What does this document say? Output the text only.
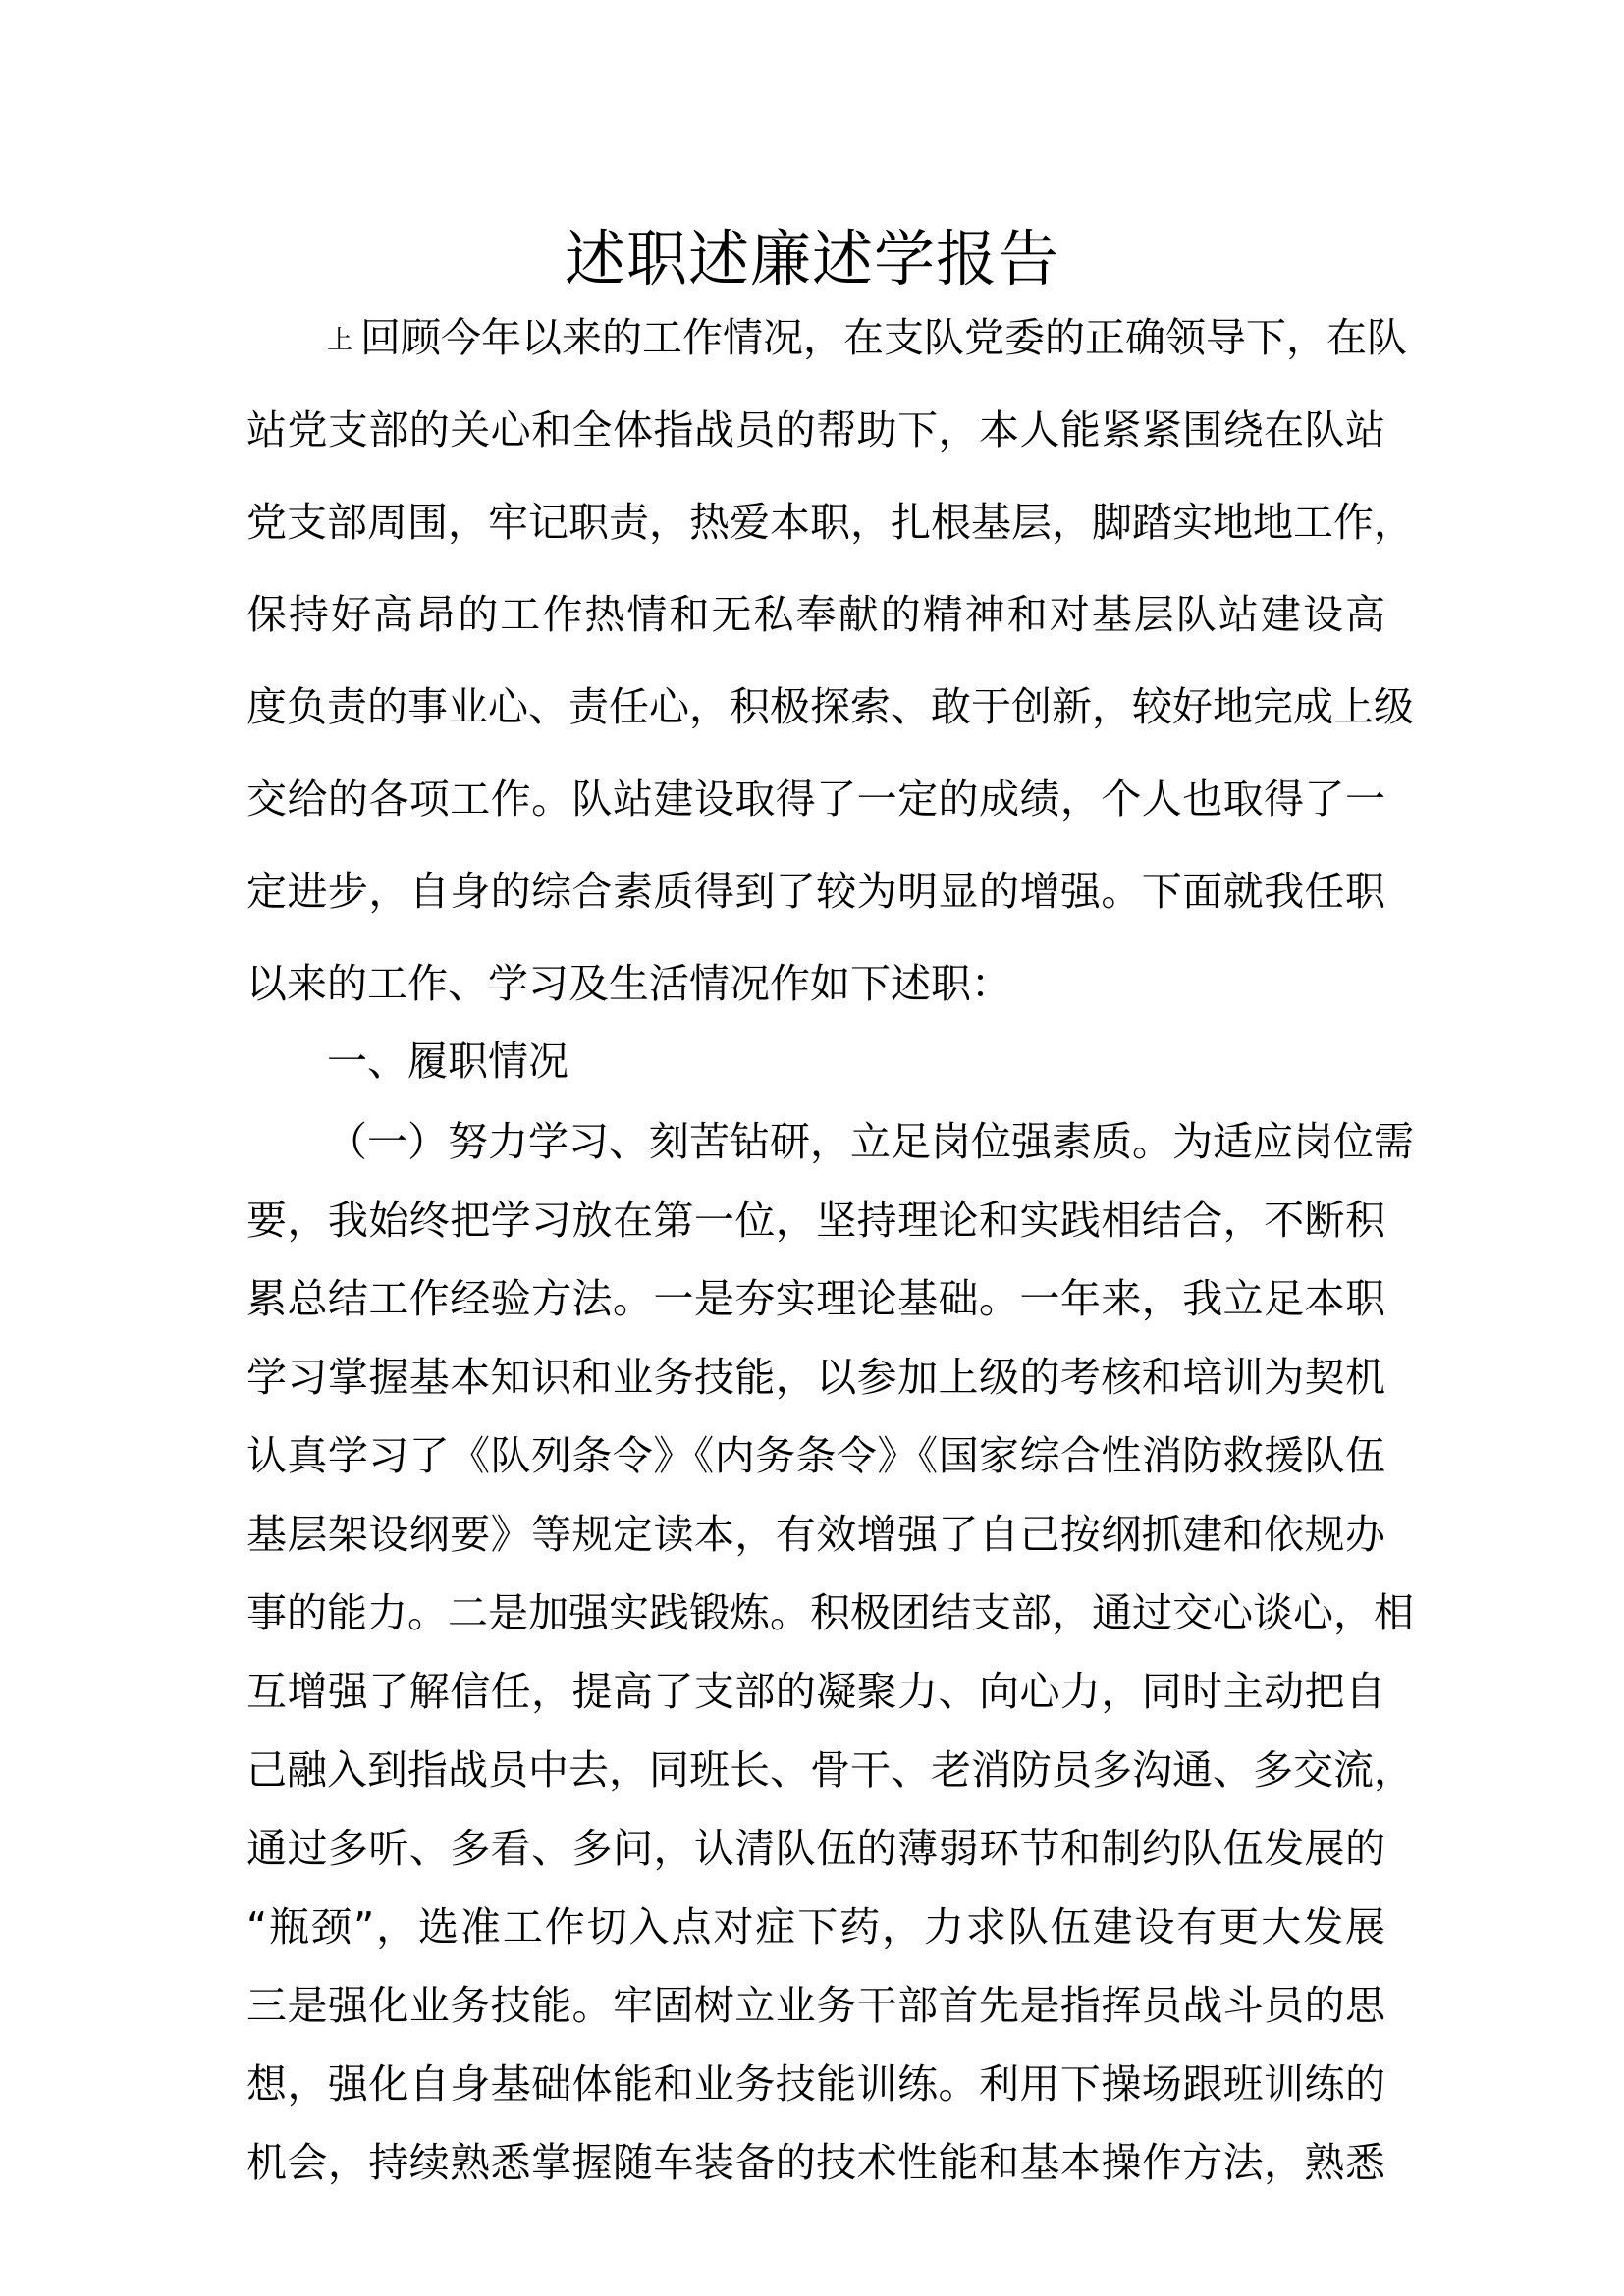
述职述廉述学报告
上 回顾今年以来的工作情况，在支队党委的正确领导下，在队
站党支部的关心和全体指战员的帮助下，本人能紧紧围绕在队站
党支部周围，牢记职责，热爱本职，扎根基层，脚踏实地地工作，
保持好高昂的工作热情和无私奉献的精神和对基层队站建设高
度负责的事业心、责任心，积极探索、敢于创新，较好地完成上级
交给的各项工作。队站建设取得了一定的成绩，个人也取得了一
定进步，自身的综合素质得到了较为明显的增强。下面就我任职
以来的工作、学习及生活情况作如下述职：
一、履职情况
（一）努力学习、刻苦钻研，立足岗位强素质。为适应岗位需
要，我始终把学习放在第一位，坚持理论和实践相结合，不断积
累总结工作经验方法。一是夯实理论基础。一年来，我立足本职
学习掌握基本知识和业务技能，以参加上级的考核和培训为契机
认真学习了《队列条令》《内务条令》《国家综合性消防救援队伍
基层架设纲要》等规定读本，有效增强了自己按纲抓建和依规办
事的能力。二是加强实践锻炼。积极团结支部，通过交心谈心，相
互增强了解信任，提高了支部的凝聚力、向心力，同时主动把自
己融入到指战员中去，同班长、骨干、老消防员多沟通、多交流，
通过多听、多看、多问，认清队伍的薄弱环节和制约队伍发展的
“瓶颈”，选准工作切入点对症下药，力求队伍建设有更大发展
三是强化业务技能。牢固树立业务干部首先是指挥员战斗员的思
想，强化自身基础体能和业务技能训练。利用下操场跟班训练的
机会，持续熟悉掌握随车装备的技术性能和基本操作方法，熟悉
